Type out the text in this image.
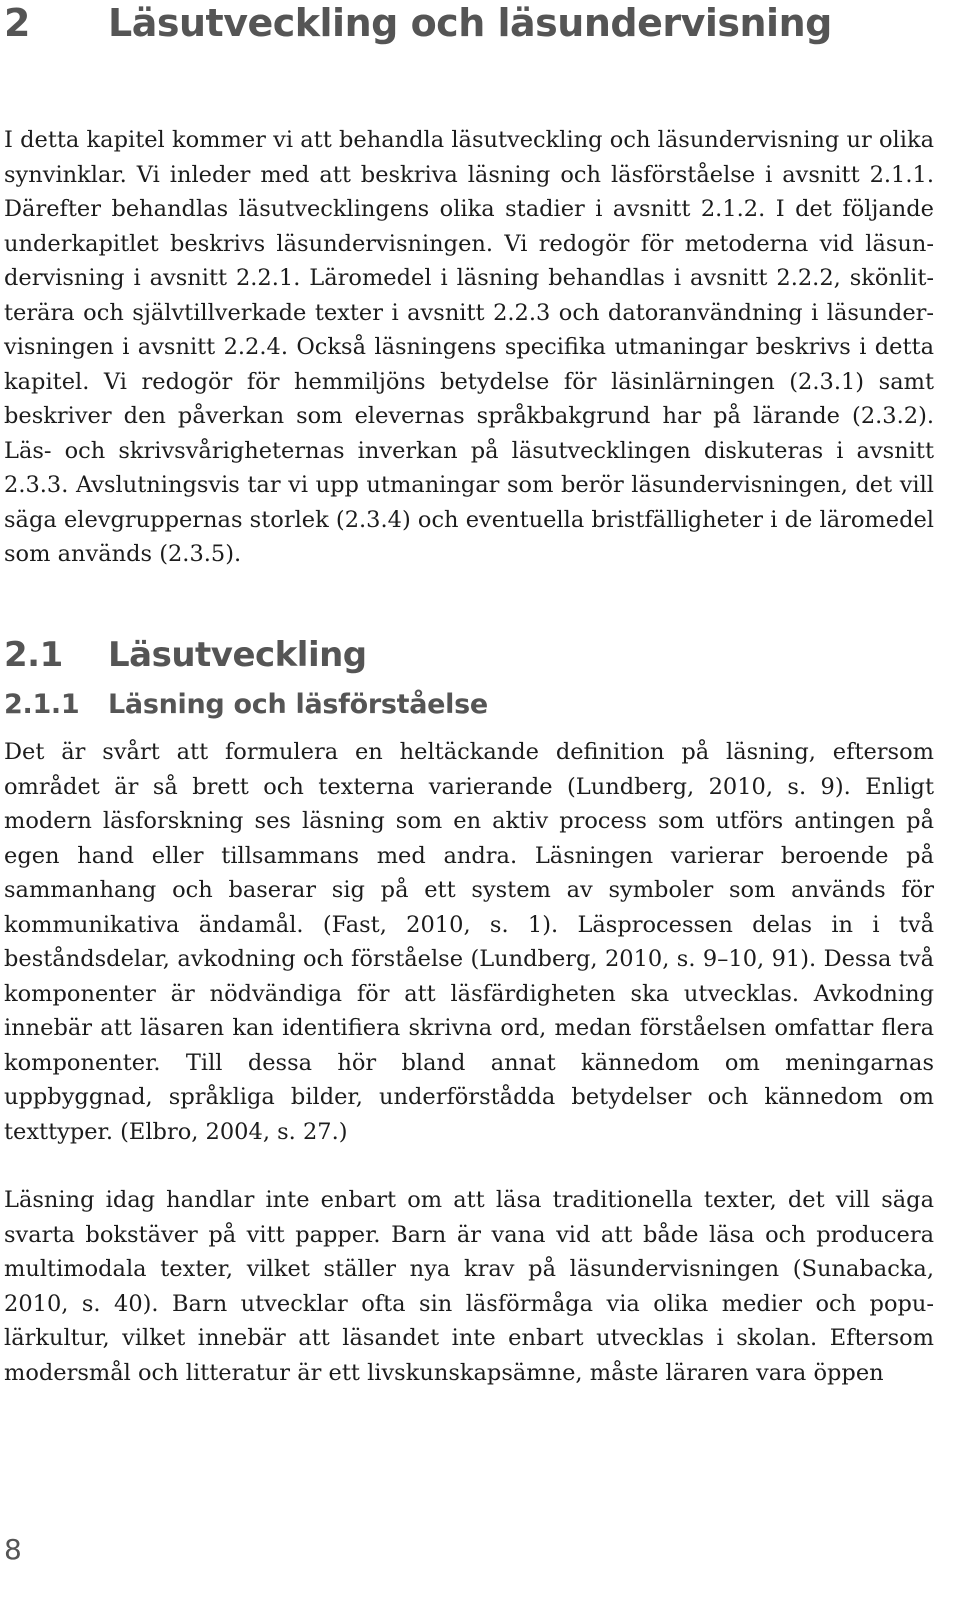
2 Läsutveckling och läsundervisning

I detta kapitel kommer vi att behandla läsutveckling och läsundervisning ur olika synvinklar. Vi inleder med att beskriva läsning och läsförståelse i avsnitt 2.1.1. Därefter behandlas läsutvecklingens olika stadier i avsnitt 2.1.2. I det följande underkapitlet beskrivs läsundervisningen. Vi redogör för metoderna vid läsundervisning i avsnitt 2.2.1. Läromedel i läsning behandlas i avsnitt 2.2.2, skönlitterära och självtillverkade texter i avsnitt 2.2.3 och datoranvändning i läsundervisningen i avsnitt 2.2.4. Också läsningens specifika utmaningar beskrivs i detta kapitel. Vi redogör för hemmiljöns betydelse för läsinlärningen (2.3.1) samt beskriver den påverkan som elevernas språkbakgrund har på lärande (2.3.2). Läs- och skrivsvårigheternas inverkan på läsutvecklingen diskuteras i avsnitt 2.3.3. Avslutningsvis tar vi upp utmaningar som berör läsundervisningen, det vill säga elevgruppernas storlek (2.3.4) och eventuella bristfälligheter i de läromedel som används (2.3.5).

2.1 Läsutveckling
2.1.1 Läsning och läsförståelse

Det är svårt att formulera en heltäckande definition på läsning, eftersom området är så brett och texterna varierande (Lundberg, 2010, s. 9). Enligt modern läsforskning ses läsning som en aktiv process som utförs antingen på egen hand eller tillsammans med andra. Läsningen varierar beroende på sammanhang och baserar sig på ett system av symboler som används för kommunikativa ändamål. (Fast, 2010, s. 1). Läsprocessen delas in i två beståndsdelar, avkodning och förståelse (Lundberg, 2010, s. 9–10, 91). Dessa två komponenter är nödvändiga för att läsfärdigheten ska utvecklas. Avkodning innebär att läsaren kan identifiera skrivna ord, medan förståelsen omfattar flera komponenter. Till dessa hör bland annat kännedom om meningarnas uppbyggnad, språkliga bilder, underförstådda betydelser och kännedom om texttyper. (Elbro, 2004, s. 27.)

Läsning idag handlar inte enbart om att läsa traditionella texter, det vill säga svarta bokstäver på vitt papper. Barn är vana vid att både läsa och producera multimodala texter, vilket ställer nya krav på läsundervisningen (Sunabacka, 2010, s. 40). Barn utvecklar ofta sin läsförmåga via olika medier och populärkultur, vilket innebär att läsandet inte enbart utvecklas i skolan. Eftersom modersmål och litteratur är ett livskunskapsämne, måste läraren vara öppen

8
